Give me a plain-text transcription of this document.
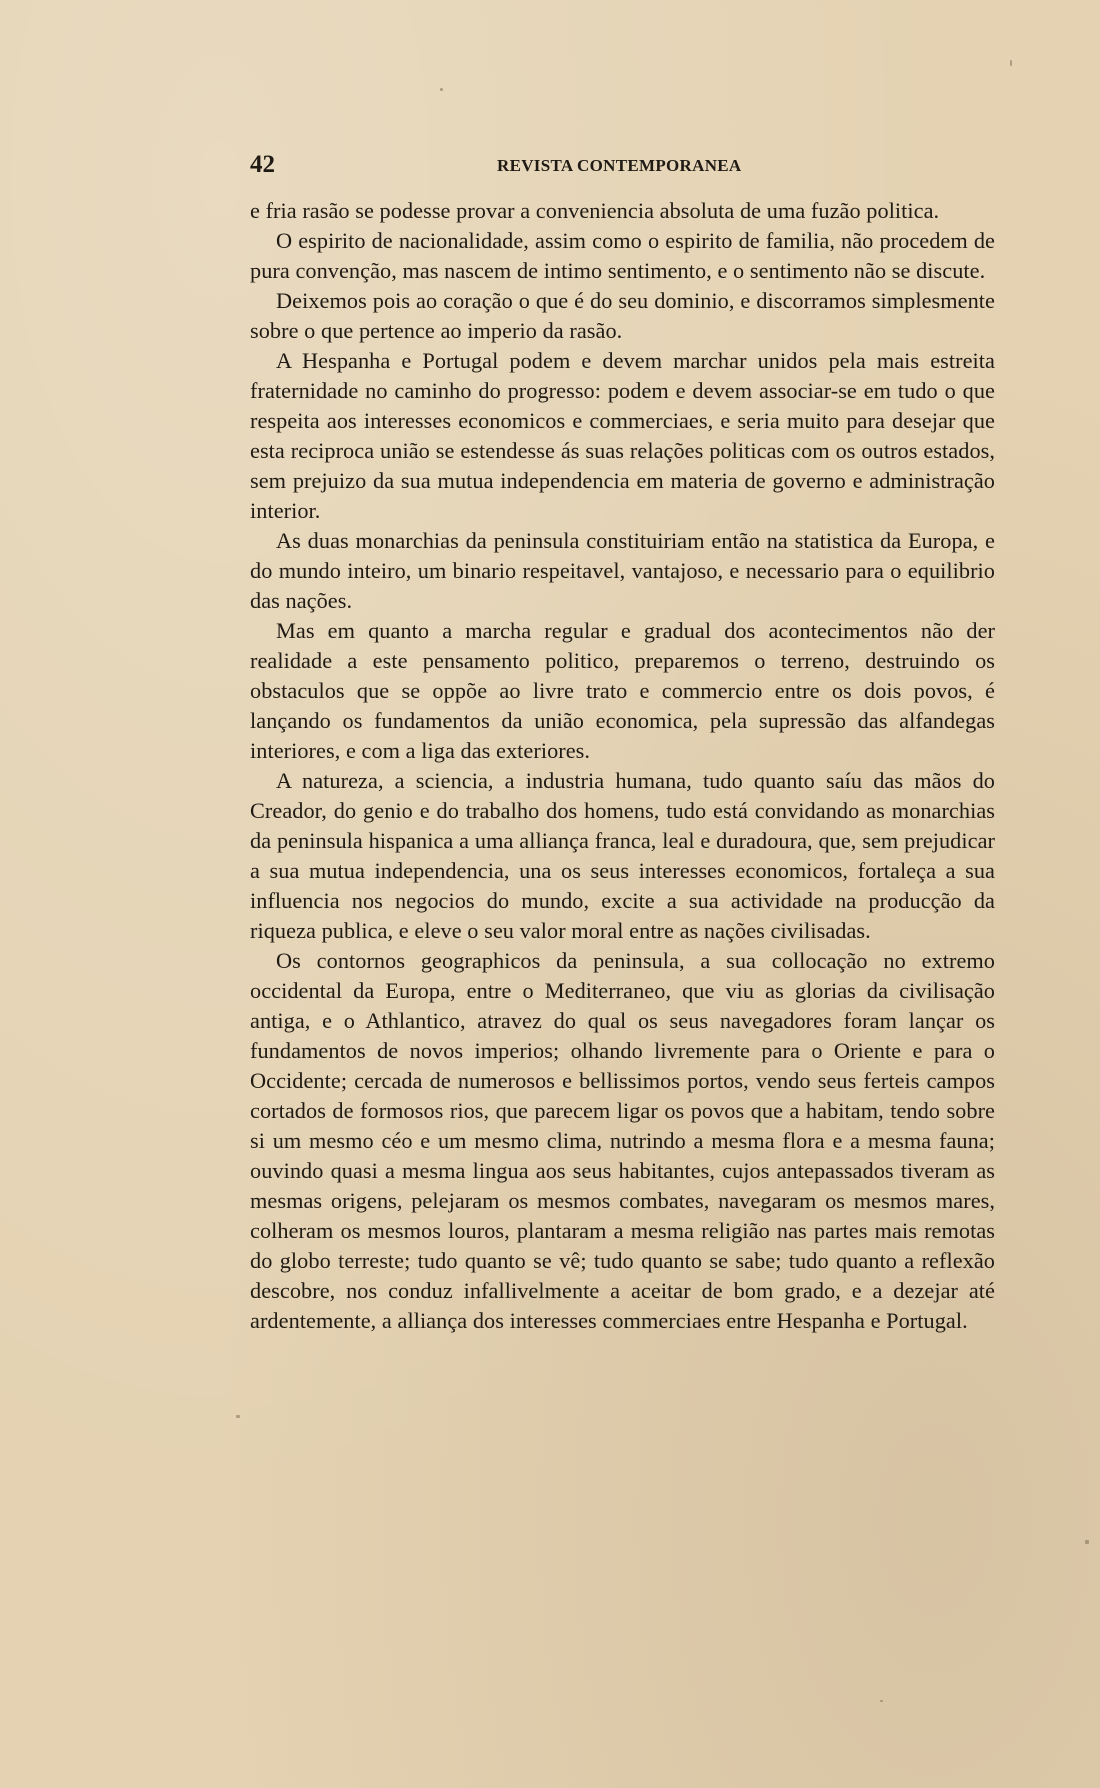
42	REVISTA CONTEMPORANEA

e fria rasão se podesse provar a conveniencia absoluta de uma fuzão politica.

O espirito de nacionalidade, assim como o espirito de familia, não procedem de pura convenção, mas nascem de intimo sentimento, e o sentimento não se discute.

Deixemos pois ao coração o que é do seu dominio, e discorramos simplesmente sobre o que pertence ao imperio da rasão.

A Hespanha e Portugal podem e devem marchar unidos pela mais estreita fraternidade no caminho do progresso: podem e devem associar-se em tudo o que respeita aos interesses economicos e commerciaes, e seria muito para desejar que esta reciproca união se estendesse ás suas relações politicas com os outros estados, sem prejuizo da sua mutua independencia em materia de governo e administração interior.

As duas monarchias da peninsula constituiriam então na statistica da Europa, e do mundo inteiro, um binario respeitavel, vantajoso, e necessario para o equilibrio das nações.

Mas em quanto a marcha regular e gradual dos acontecimentos não der realidade a este pensamento politico, preparemos o terreno, destruindo os obstaculos que se oppõe ao livre trato e commercio entre os dois povos, é lançando os fundamentos da união economica, pela supressão das alfandegas interiores, e com a liga das exteriores.

A natureza, a sciencia, a industria humana, tudo quanto saíu das mãos do Creador, do genio e do trabalho dos homens, tudo está convidando as monarchias da peninsula hispanica a uma alliança franca, leal e duradoura, que, sem prejudicar a sua mutua independencia, una os seus interesses economicos, fortaleça a sua influencia nos negocios do mundo, excite a sua actividade na producção da riqueza publica, e eleve o seu valor moral entre as nações civilisadas.

Os contornos geographicos da peninsula, a sua collocação no extremo occidental da Europa, entre o Mediterraneo, que viu as glorias da civilisação antiga, e o Athlantico, atravez do qual os seus navegadores foram lançar os fundamentos de novos imperios; olhando livremente para o Oriente e para o Occidente; cercada de numerosos e bellissimos portos, vendo seus ferteis campos cortados de formosos rios, que parecem ligar os povos que a habitam, tendo sobre si um mesmo céo e um mesmo clima, nutrindo a mesma flora e a mesma fauna; ouvindo quasi a mesma lingua aos seus habitantes, cujos antepassados tiveram as mesmas origens, pelejaram os mesmos combates, navegaram os mesmos mares, colheram os mesmos louros, plantaram a mesma religião nas partes mais remotas do globo terreste; tudo quanto se vê; tudo quanto se sabe; tudo quanto a reflexão descobre, nos conduz infallivelmente a aceitar de bom grado, e a dezejar até ardentemente, a alliança dos interesses commerciaes entre Hespanha e Portugal.
